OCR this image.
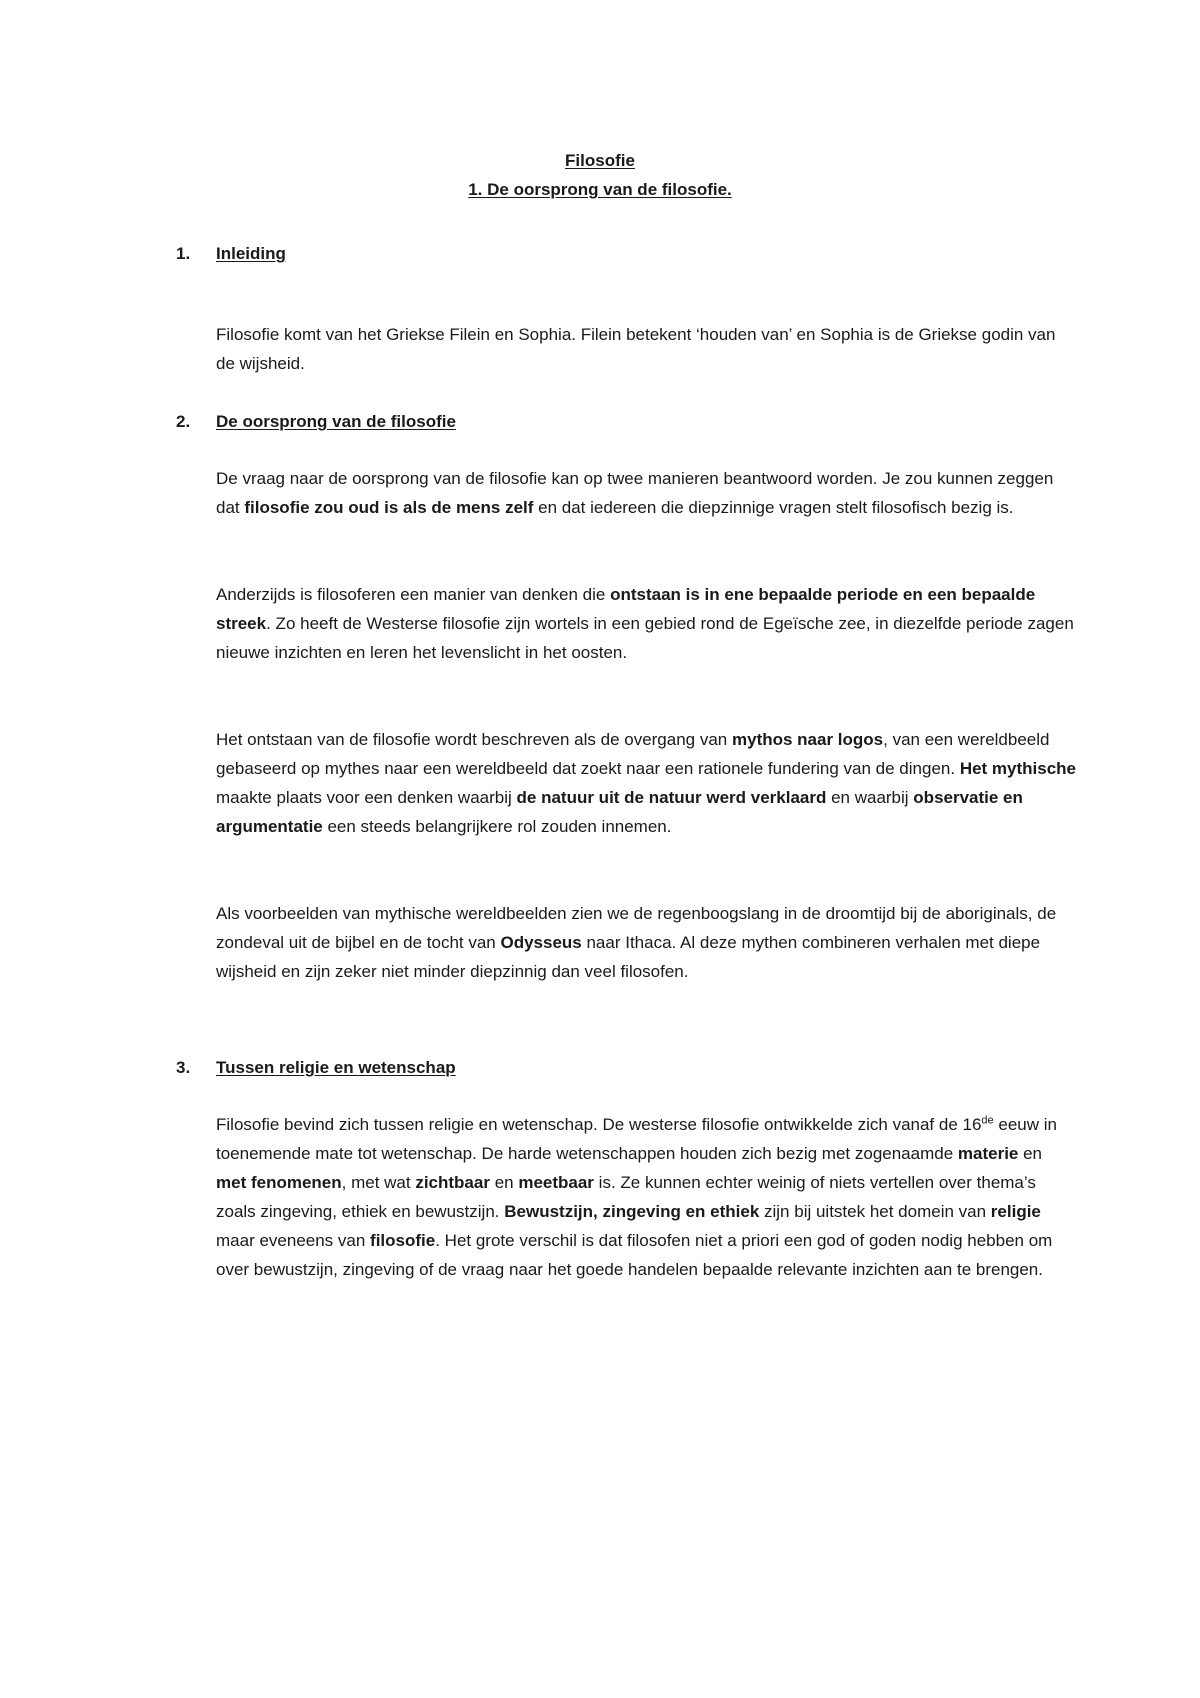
Filosofie
1. De oorsprong van de filosofie.
1. Inleiding
Filosofie komt van het Griekse Filein en Sophia. Filein betekent ‘houden van’ en Sophia is de Griekse godin van de wijsheid.
2. De oorsprong van de filosofie
De vraag naar de oorsprong van de filosofie kan op twee manieren beantwoord worden. Je zou kunnen zeggen dat filosofie zou oud is als de mens zelf en dat iedereen die diepzinnige vragen stelt filosofisch bezig is.
Anderzijds is filosoferen een manier van denken die ontstaan is in ene bepaalde periode en een bepaalde streek. Zo heeft de Westerse filosofie zijn wortels in een gebied rond de Egeïsche zee, in diezelfde periode zagen nieuwe inzichten en leren het levenslicht in het oosten.
Het ontstaan van de filosofie wordt beschreven als de overgang van mythos naar logos, van een wereldbeeld gebaseerd op mythes naar een wereldbeeld dat zoekt naar een rationele fundering van de dingen. Het mythische maakte plaats voor een denken waarbij de natuur uit de natuur werd verklaard en waarbij observatie en argumentatie een steeds belangrijkere rol zouden innemen.
Als voorbeelden van mythische wereldbeelden zien we de regenboogslang in de droomtijd bij de aboriginals, de zondeval uit de bijbel en de tocht van Odysseus naar Ithaca. Al deze mythen combineren verhalen met diepe wijsheid en zijn zeker niet minder diepzinnig dan veel filosofen.
3. Tussen religie en wetenschap
Filosofie bevind zich tussen religie en wetenschap. De westerse filosofie ontwikkelde zich vanaf de 16de eeuw in toenemende mate tot wetenschap. De harde wetenschappen houden zich bezig met zogenaamde materie en met fenomenen, met wat zichtbaar en meetbaar is. Ze kunnen echter weinig of niets vertellen over thema’s zoals zingeving, ethiek en bewustzijn. Bewustzijn, zingeving en ethiek zijn bij uitstek het domein van religie maar eveneens van filosofie. Het grote verschil is dat filosofen niet a priori een god of goden nodig hebben om over bewustzijn, zingeving of de vraag naar het goede handelen bepaalde relevante inzichten aan te brengen.
